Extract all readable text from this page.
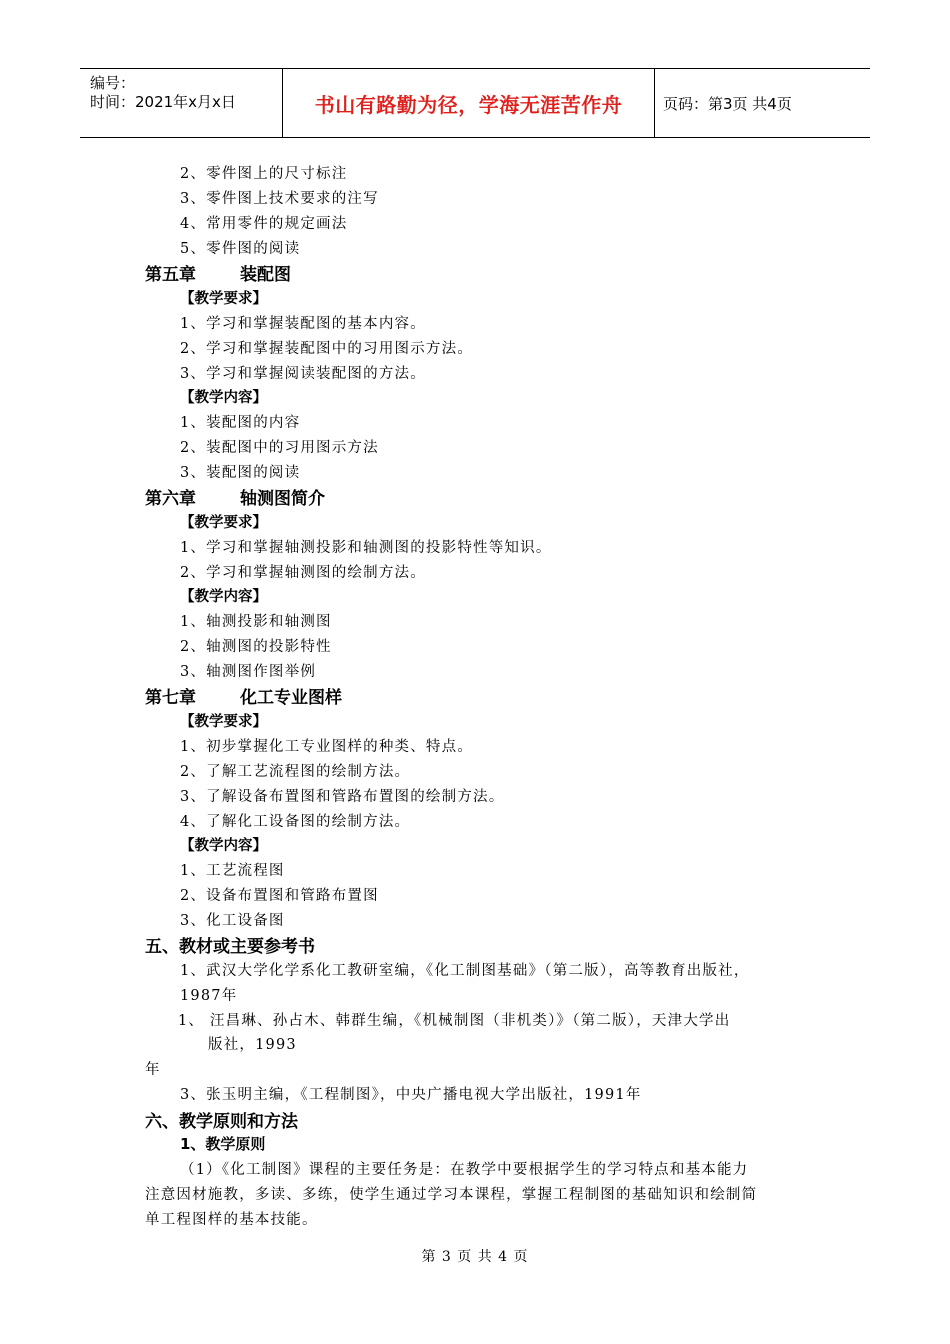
编号：
时间：2021年x月x日	书山有路勤为径，学海无涯苦作舟	页码：第3页 共4页
2、零件图上的尺寸标注
3、零件图上技术要求的注写
4、常用零件的规定画法
5、零件图的阅读
第五章	装配图
【教学要求】
1、学习和掌握装配图的基本内容。
2、学习和掌握装配图中的习用图示方法。
3、学习和掌握阅读装配图的方法。
【教学内容】
1、装配图的内容
2、装配图中的习用图示方法
3、装配图的阅读
第六章	轴测图简介
【教学要求】
1、学习和掌握轴测投影和轴测图的投影特性等知识。
2、学习和掌握轴测图的绘制方法。
【教学内容】
1、轴测投影和轴测图
2、轴测图的投影特性
3、轴测图作图举例
第七章	化工专业图样
【教学要求】
1、初步掌握化工专业图样的种类、特点。
2、了解工艺流程图的绘制方法。
3、了解设备布置图和管路布置图的绘制方法。
4、了解化工设备图的绘制方法。
【教学内容】
1、工艺流程图
2、设备布置图和管路布置图
3、化工设备图
五、教材或主要参考书
1、武汉大学化学系化工教研室编，《化工制图基础》（第二版），高等教育出版社，
1987年
1、 汪昌琳、孙占木、韩群生编，《机械制图（非机类）》（第二版），天津大学出
版社，1993
年
3、张玉明主编，《工程制图》，中央广播电视大学出版社，1991年
六、教学原则和方法
1、教学原则
（1）《化工制图》课程的主要任务是：在教学中要根据学生的学习特点和基本能力
注意因材施教，多读、多练，使学生通过学习本课程，掌握工程制图的基础知识和绘制简
单工程图样的基本技能。
第 3 页 共 4 页
